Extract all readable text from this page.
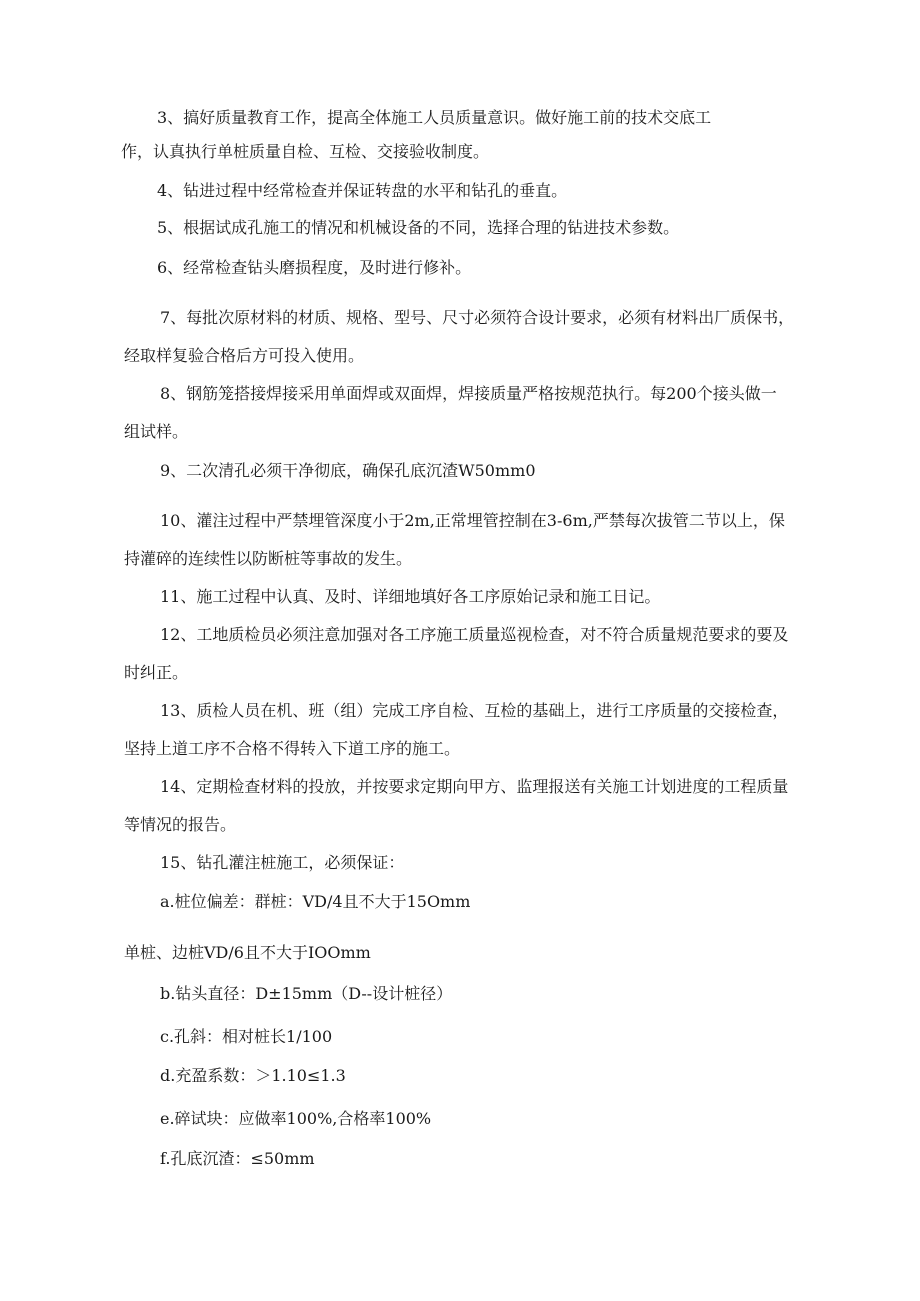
3、搞好质量教育工作，提高全体施工人员质量意识。做好施工前的技术交底工
作，认真执行单桩质量自检、互检、交接验收制度。
4、钻进过程中经常检查并保证转盘的水平和钻孔的垂直。
5、根据试成孔施工的情况和机械设备的不同，选择合理的钻进技术参数。
6、经常检查钻头磨损程度，及时进行修补。
7、每批次原材料的材质、规格、型号、尺寸必须符合设计要求，必须有材料出厂质保书，
经取样复验合格后方可投入使用。
8、钢筋笼搭接焊接采用单面焊或双面焊，焊接质量严格按规范执行。每200个接头做一
组试样。
9、二次清孔必须干净彻底，确保孔底沉渣W50mm0
10、灌注过程中严禁埋管深度小于2m,正常埋管控制在3-6m,严禁每次拔管二节以上，保
持灌碎的连续性以防断桩等事故的发生。
11、施工过程中认真、及时、详细地填好各工序原始记录和施工日记。
12、工地质检员必须注意加强对各工序施工质量巡视检查，对不符合质量规范要求的要及
时纠正。
13、质检人员在机、班（组）完成工序自检、互检的基础上，进行工序质量的交接检查，
坚持上道工序不合格不得转入下道工序的施工。
14、定期检查材料的投放，并按要求定期向甲方、监理报送有关施工计划进度的工程质量
等情况的报告。
15、钻孔灌注桩施工，必须保证：
a.桩位偏差：群桩：VD/4且不大于15Omm
单桩、边桩VD/6且不大于IOOmm
b.钻头直径：D±15mm（D--设计桩径）
c.孔斜：相对桩长1/100
d.充盈系数：＞1.10≤1.3
e.碎试块：应做率100%,合格率100%
f.孔底沉渣：≤50mm
